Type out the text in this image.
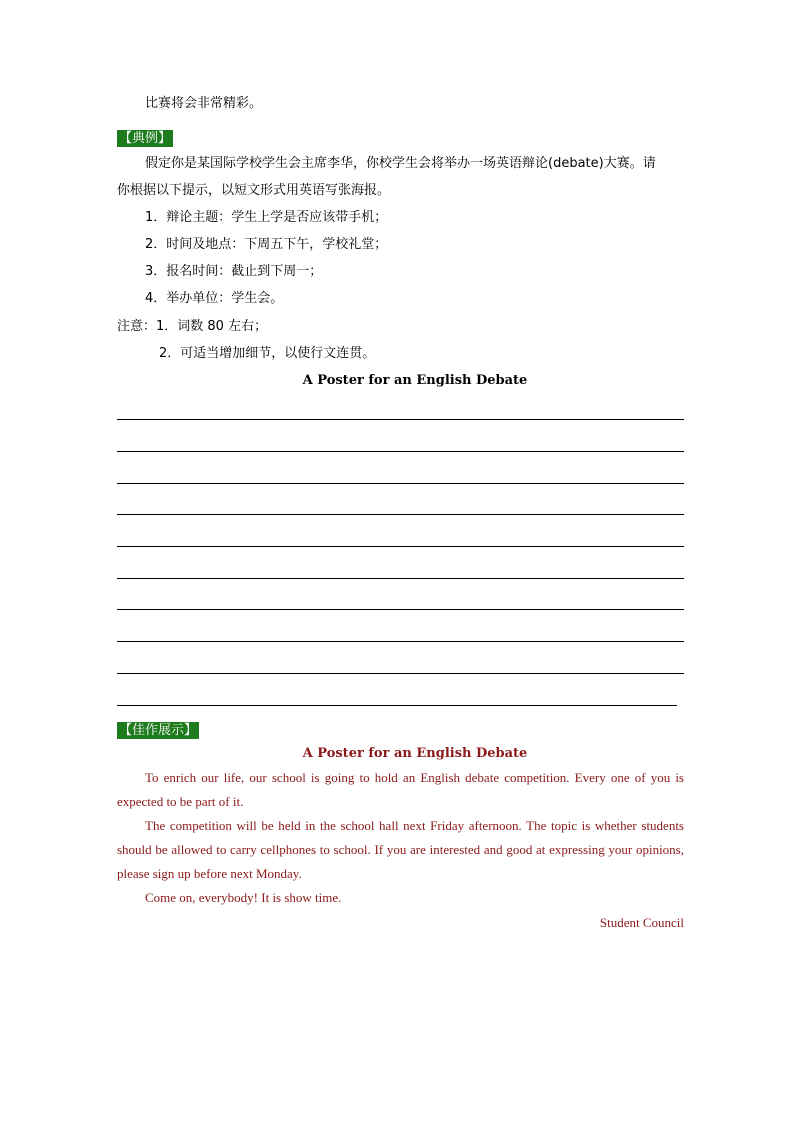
比赛将会非常精彩。
【典例】
假定你是某国际学校学生会主席李华，你校学生会将举办一场英语辩论(debate)大赛。请
你根据以下提示，以短文形式用英语写张海报。
1．辩论主题：学生上学是否应该带手机；
2．时间及地点：下周五下午，学校礼堂；
3．报名时间：截止到下周一；
4．举办单位：学生会。
注意：1．词数 80 左右；
2．可适当增加细节，以使行文连贯。
A Poster for an English Debate
【佳作展示】
A Poster for an English Debate

To enrich our life, our school is going to hold an English debate competition. Every one of you is expected to be part of it.

The competition will be held in the school hall next Friday afternoon. The topic is whether students should be allowed to carry cellphones to school. If you are interested and good at expressing your opinions, please sign up before next Monday.

Come on, everybody! It is show time.

Student Council
